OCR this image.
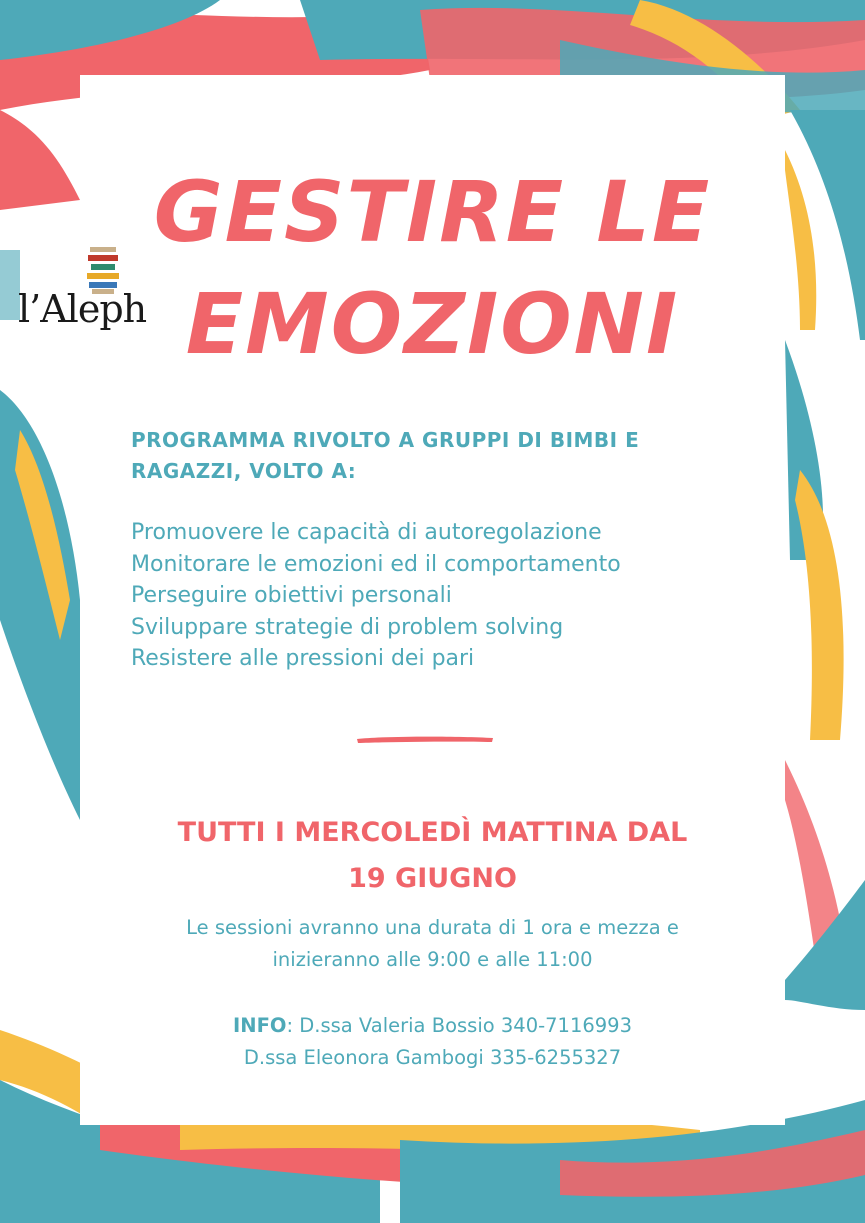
l’Aleph
GESTIRE LE
EMOZIONI
PROGRAMMA RIVOLTO A GRUPPI DI BIMBI E RAGAZZI, VOLTO A:
Promuovere le capacità di autoregolazione
Monitorare le emozioni ed il comportamento
Perseguire obiettivi personali
Sviluppare strategie di problem solving
Resistere alle pressioni dei pari
TUTTI I MERCOLEDÌ MATTINA DAL
19 GIUGNO
Le sessioni avranno una durata di 1 ora e mezza e
inizieranno alle 9:00 e alle 11:00
INFO: D.ssa Valeria Bossio 340-7116993
D.ssa Eleonora Gambogi 335-6255327
